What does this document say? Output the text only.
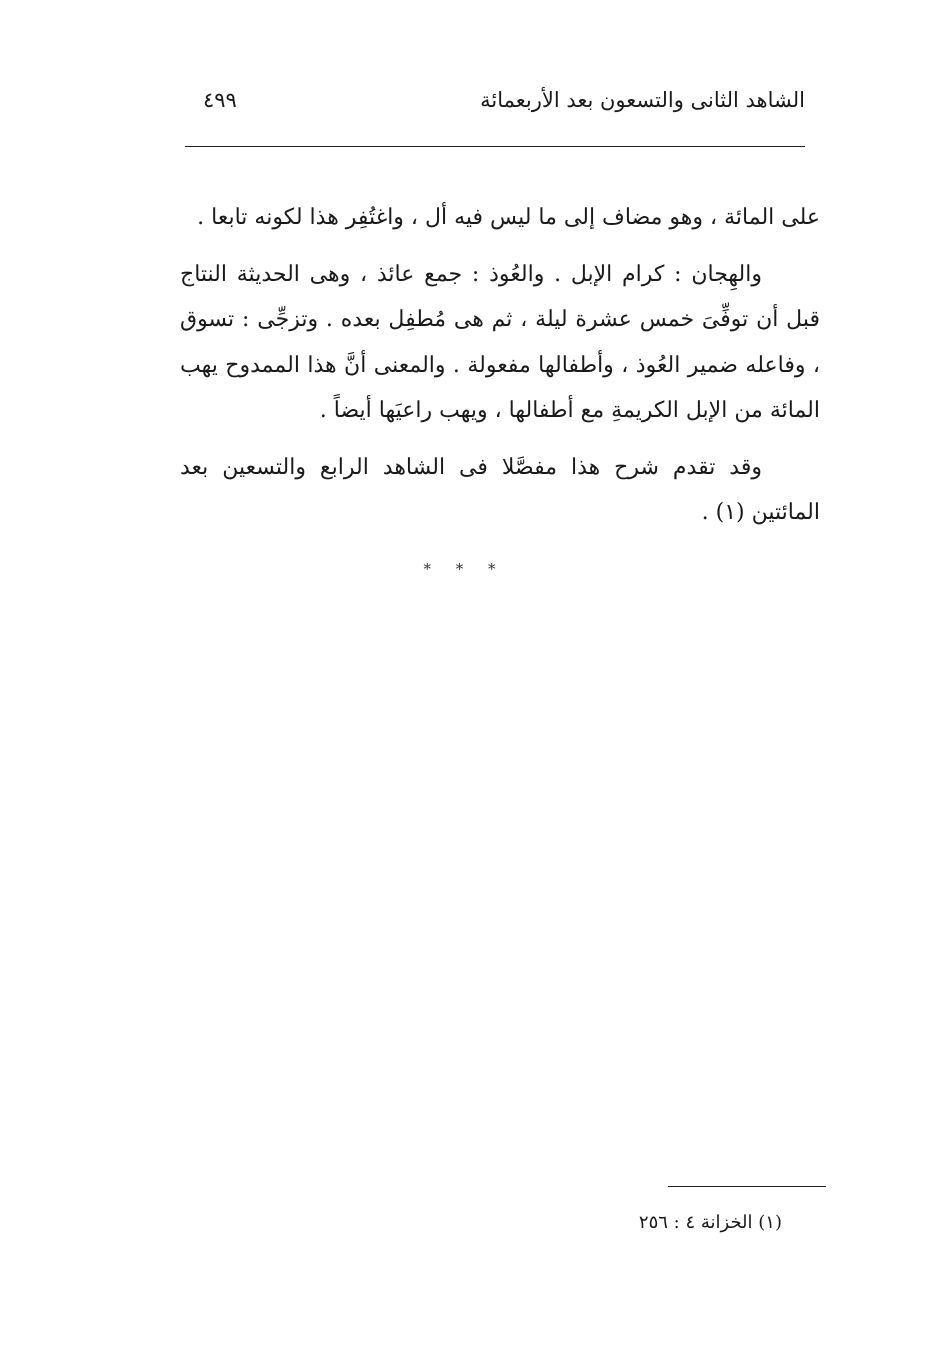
الشاهد الثانى والتسعون بعد الأربعمائة
٤٩٩

على المائة ، وهو مضاف إلى ما ليس فيه أل ، واغتُفِر هذا لكونه تابعا .

والهِجان : كرام الإبل . والعُوذ : جمع عائذ ، وهى الحديثة النتاج قبل أن توفِّىَ خمس عشرة ليلة ، ثم هى مُطفِل بعده . وتزجِّى : تسوق ، وفاعله ضمير العُوذ ، وأطفالها مفعولة . والمعنى أنَّ هذا الممدوح يهب المائة من الإبل الكريمةِ مع أطفالها ، ويهب راعيَها أيضاً .

وقد تقدم شرح هذا مفصَّلا فى الشاهد الرابع والتسعين بعد المائتين (١) .

* * *
(١) الخزانة ٤ : ٢٥٦
